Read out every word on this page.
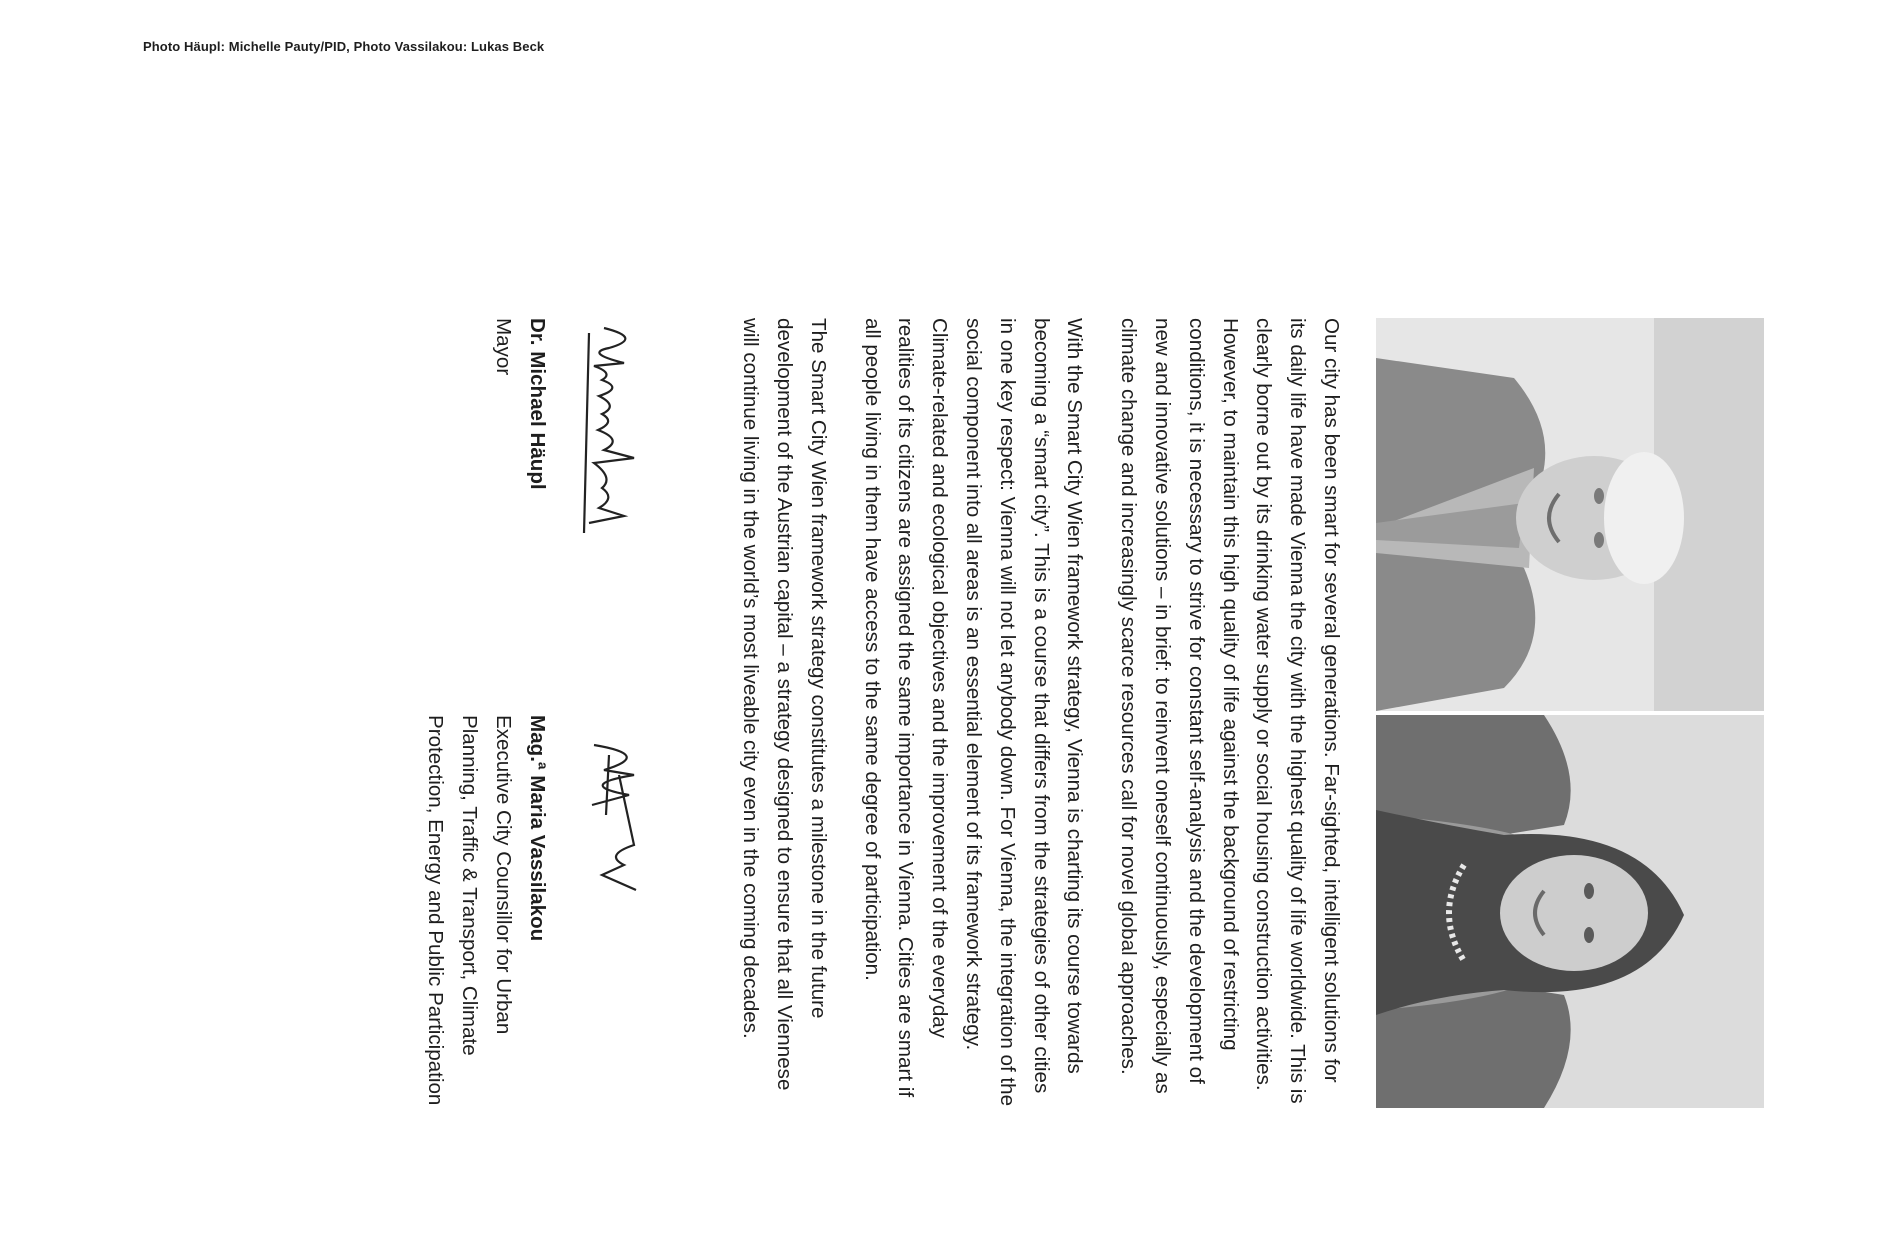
Photo Häupl: Michelle Pauty/PID, Photo Vassilakou: Lukas Beck

Our city has been smart for several generations. Far-sighted, intelligent solutions for its daily life have made Vienna the city with the highest quality of life worldwide. This is clearly borne out by its drinking water supply or social housing construction activities. However, to maintain this high quality of life against the background of restricting conditions, it is necessary to strive for constant self-analysis and the development of new and innovative solutions – in brief: to reinvent oneself continuously, especially as climate change and increasingly scarce resources call for novel global approaches.

With the Smart City Wien framework strategy, Vienna is charting its course towards becoming a “smart city”. This is a course that differs from the strategies of other cities in one key respect: Vienna will not let anybody down. For Vienna, the integration of the social component into all areas is an essential element of its framework strategy. Climate-related and ecological objectives and the improvement of the everyday realities of its citizens are assigned the same importance in Vienna. Cities are smart if all people living in them have access to the same degree of participation.

The Smart City Wien framework strategy constitutes a milestone in the future development of the Austrian capital – a strategy designed to ensure that all Viennese will continue living in the world’s most liveable city even in the coming decades.

Dr. Michael Häupl
Mayor
Mag.ª Maria Vassilakou
Executive City Counsillor for Urban Planning, Traffic & Transport, Climate Protection, Energy and Public Participation
